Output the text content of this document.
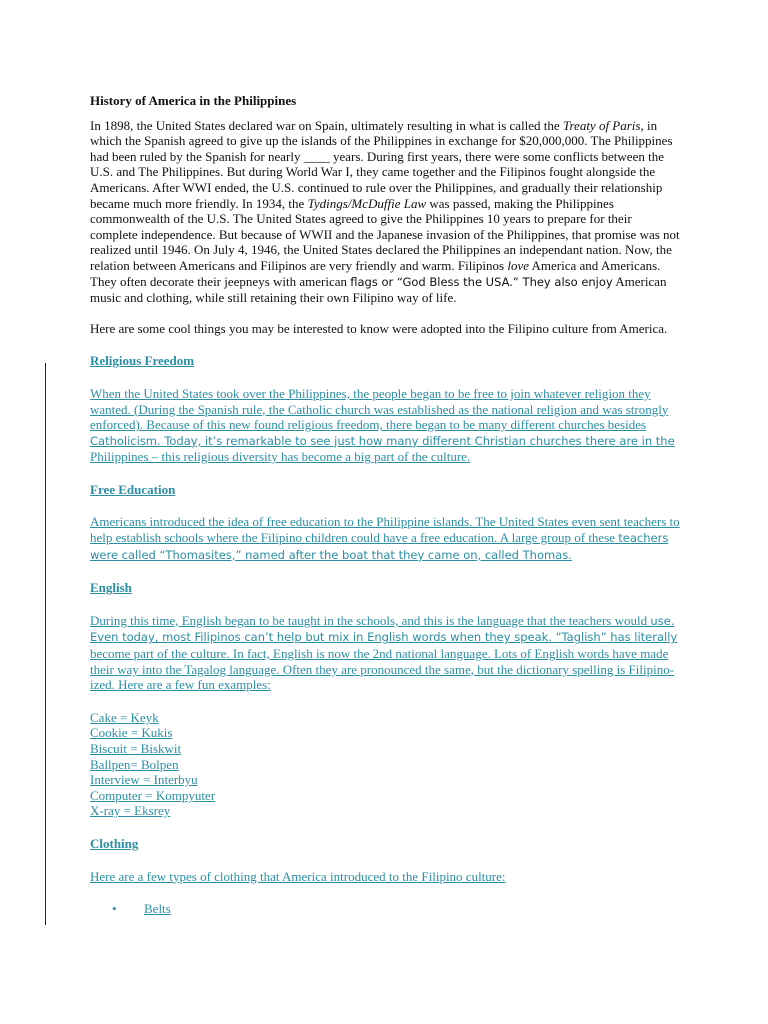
History of America in the Philippines

In 1898, the United States declared war on Spain, ultimately resulting in what is called the Treaty of Paris, in which the Spanish agreed to give up the islands of the Philippines in exchange for $20,000,000. The Philippines had been ruled by the Spanish for nearly ____ years. During first years, there were some conflicts between the U.S. and The Philippines. But during World War I, they came together and the Filipinos fought alongside the Americans. After WWI ended, the U.S. continued to rule over the Philippines, and gradually their relationship became much more friendly. In 1934, the Tydings/McDuffie Law was passed, making the Philippines commonwealth of the U.S. The United States agreed to give the Philippines 10 years to prepare for their complete independence. But because of WWII and the Japanese invasion of the Philippines, that promise was not realized until 1946. On July 4, 1946, the United States declared the Philippines an independant nation. Now, the relation between Americans and Filipinos are very friendly and warm. Filipinos love America and Americans. They often decorate their jeepneys with american flags or “God Bless the USA.” They also enjoy American music and clothing, while still retaining their own Filipino way of life.

Here are some cool things you may be interested to know were adopted into the Filipino culture from America.

Religious Freedom

When the United States took over the Philippines, the people began to be free to join whatever religion they wanted. (During the Spanish rule, the Catholic church was established as the national religion and was strongly enforced). Because of this new found religious freedom, there began to be many different churches besides Catholicism. Today, it’s remarkable to see just how many different Christian churches there are in the Philippines – this religious diversity has become a big part of the culture.

Free Education

Americans introduced the idea of free education to the Philippine islands. The United States even sent teachers to help establish schools where the Filipino children could have a free education. A large group of these teachers were called “Thomasites,” named after the boat that they came on, called Thomas.

English

During this time, English began to be taught in the schools, and this is the language that the teachers would use. Even today, most Filipinos can’t help but mix in English words when they speak. “Taglish” has literally become part of the culture. In fact, English is now the 2nd national language. Lots of English words have made their way into the Tagalog language. Often they are pronounced the same, but the dictionary spelling is Filipino-ized. Here are a few fun examples:

Cake = Keyk
Cookie = Kukis
Biscuit = Biskwit
Ballpen= Bolpen
Interview = Interbyu
Computer = Kompyuter
X-ray = Eksrey
Clothing

Here are a few types of clothing that America introduced to the Filipino culture:

• Belts
